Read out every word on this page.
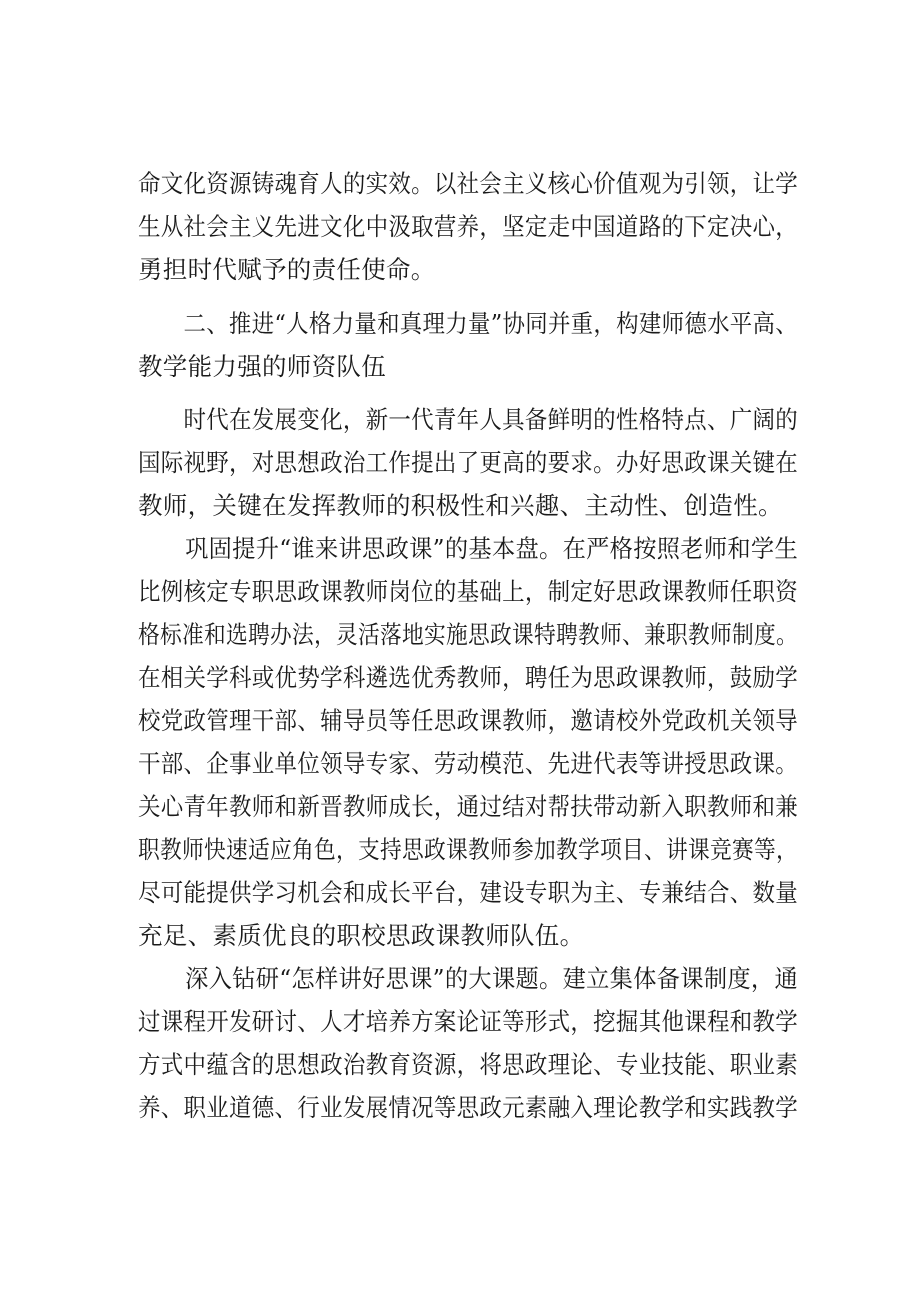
命文化资源铸魂育人的实效。以社会主义核心价值观为引领，让学
生从社会主义先进文化中汲取营养，坚定走中国道路的下定决心，
勇担时代赋予的责任使命。
　　二、推进“人格力量和真理力量”协同并重，构建师德水平高、
教学能力强的师资队伍
　　时代在发展变化，新一代青年人具备鲜明的性格特点、广阔的
国际视野，对思想政治工作提出了更高的要求。办好思政课关键在
教师，关键在发挥教师的积极性和兴趣、主动性、创造性。
　　巩固提升“谁来讲思政课”的基本盘。在严格按照老师和学生
比例核定专职思政课教师岗位的基础上，制定好思政课教师任职资
格标准和选聘办法，灵活落地实施思政课特聘教师、兼职教师制度。
在相关学科或优势学科遴选优秀教师，聘任为思政课教师，鼓励学
校党政管理干部、辅导员等任思政课教师，邀请校外党政机关领导
干部、企事业单位领导专家、劳动模范、先进代表等讲授思政课。
关心青年教师和新晋教师成长，通过结对帮扶带动新入职教师和兼
职教师快速适应角色，支持思政课教师参加教学项目、讲课竞赛等，
尽可能提供学习机会和成长平台，建设专职为主、专兼结合、数量
充足、素质优良的职校思政课教师队伍。
　　深入钻研“怎样讲好思课”的大课题。建立集体备课制度，通
过课程开发研讨、人才培养方案论证等形式，挖掘其他课程和教学
方式中蕴含的思想政治教育资源，将思政理论、专业技能、职业素
养、职业道德、行业发展情况等思政元素融入理论教学和实践教学
